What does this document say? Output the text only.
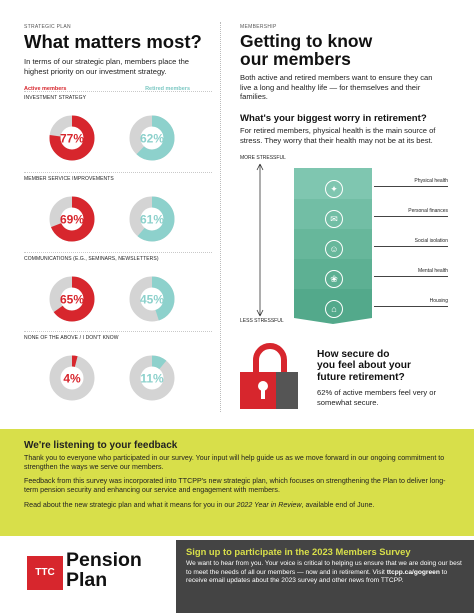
STRATEGIC PLAN
What matters most?
In terms of our strategic plan, members place the highest priority on our investment strategy.
Active members	Retired members
INVESTMENT STRATEGY
77%	62%
MEMBER SERVICE IMPROVEMENTS
69%	61%
COMMUNICATIONS (E.G., SEMINARS, NEWSLETTERS)
65%	45%
NONE OF THE ABOVE / I DON'T KNOW
4%	11%
MEMBERSHIP
Getting to know
our members
Both active and retired members want to ensure they can live a long and healthy life — for themselves and their families.
What's your biggest worry in retirement?
For retired members, physical health is the main source of stress. They worry that their health may not be at its best.
MORE STRESSFUL
LESS STRESSFUL
✦
✉
☺
❀
⌂
Physical health
Personal finances
Social isolation
Mental health
Housing
How secure do
you feel about your
future retirement?
62% of active members feel very or somewhat secure.
We're listening to your feedback
Thank you to everyone who participated in our survey. Your input will help guide us as we move forward in our ongoing commitment to strengthen the ways we serve our members.
Feedback from this survey was incorporated into TTCPP's new strategic plan, which focuses on strengthening the Plan to deliver long-term pension security and enhancing our service and engagement with members.
Read about the new strategic plan and what it means for you in our 2022 Year in Review, available end of June.
TTC
Pension
Plan
Sign up to participate in the 2023 Members Survey
We want to hear from you. Your voice is critical to helping us ensure that we are doing our best to meet the needs of all our members — now and in retirement. Visit ttcpp.ca/gogreen to receive email updates about the 2023 survey and other news from TTCPP.
